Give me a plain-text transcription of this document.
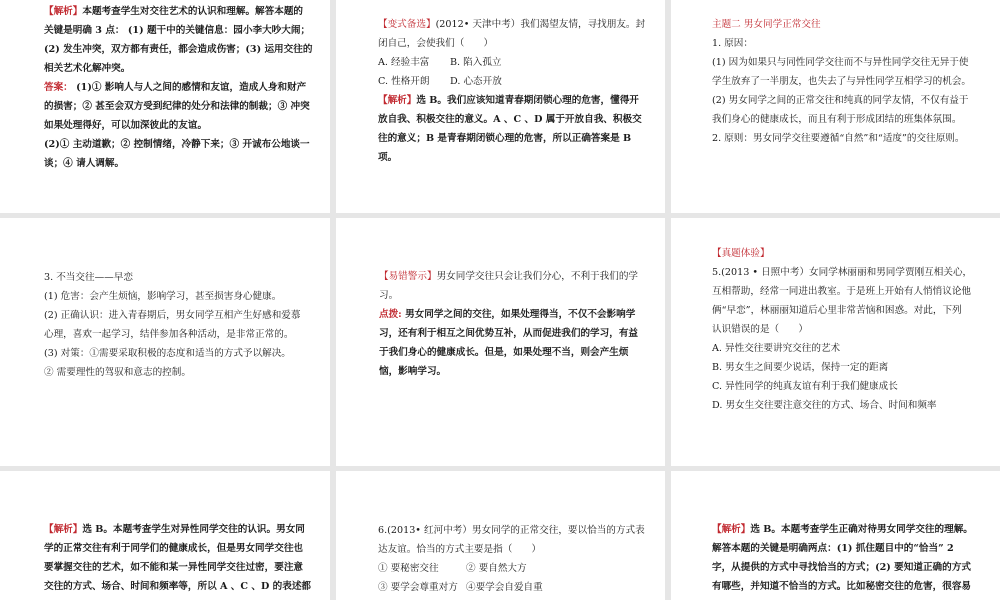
【解析】本题考查学生对交往艺术的认识和理解。解答本题的

关键是明确 3 点： (1) 题干中的关键信息：园小李大吵大闹；

(2) 发生冲突，双方都有责任，都会造成伤害；(3) 运用交往的

相关艺术化解冲突。

答案： (1)① 影响人与人之间的感情和友谊，造成人身和财产

的损害；② 甚至会双方受到纪律的处分和法律的制裁；③ 冲突

如果处理得好，可以加深彼此的友谊。

(2)① 主动道歉；② 控制情绪，冷静下来；③ 开诚布公地谈一

谈；④ 请人调解。

【变式备选】(2012• 天津中考）我们渴望友情，寻找朋友。封

闭自己，会使我们（　　）

A. 经验丰富	B. 陷入孤立

C. 性格开朗	D. 心态开放

【解析】选 B。我们应该知道青春期闭锁心理的危害，懂得开

放自我、积极交往的意义。A 、C 、D 属于开放自我、积极交

往的意义；B 是青春期闭锁心理的危害，所以正确答案是 B 项。

主题二 男女同学正常交往

1. 原因：

(1) 因为如果只与同性同学交往而不与异性同学交往无异于使

学生放弃了一半朋友，也失去了与异性同学互相学习的机会。

(2) 男女同学之间的正常交往和纯真的同学友情，不仅有益于

我们身心的健康成长，而且有利于形成团结的班集体氛围。

2. 原则：男女同学交往要遵循“自然”和“适度”的交往原则。

3. 不当交往——早恋

(1) 危害：会产生烦恼，影响学习，甚至损害身心健康。

(2) 正确认识：进入青春期后，男女同学互相产生好感和爱慕

心理，喜欢一起学习，结伴参加各种活动，是非常正常的。

(3) 对策：①需要采取积极的态度和适当的方式予以解决。

② 需要理性的驾驭和意志的控制。

【易错警示】男女同学交往只会让我们分心，不利于我们的学

习。

点拨: 男女同学之间的交往，如果处理得当，不仅不会影响学

习，还有利于相互之间优势互补，从而促进我们的学习，有益

于我们身心的健康成长。但是，如果处理不当，则会产生烦

恼，影响学习。

【真题体验】

5.(2013 • 日照中考）女同学林丽丽和男同学贾刚互相关心，

互相帮助，经常一同进出教室。于是班上开始有人悄悄议论他

俩“早恋”，林丽丽知道后心里非常苦恼和困惑。对此，下列

认识错误的是（　　）

A. 异性交往要讲究交往的艺术

B. 男女生之间要少说话，保持一定的距离

C. 异性同学的纯真友谊有利于我们健康成长

D. 男女生交往要注意交往的方式、场合、时间和频率

【解析】选 B。本题考查学生对异性同学交往的认识。男女同

学的正常交往有利于同学们的健康成长，但是男女同学交往也

要掌握交往的艺术，如不能和某一异性同学交往过密，要注意

交往的方式、场合、时间和频率等，所以 A 、C 、D 的表述都

6.(2013• 红河中考）男女同学的正常交往，要以恰当的方式表

达友谊。恰当的方式主要是指（　　）

① 要秘密交往	② 要自然大方

③ 要学会尊重对方 ④要学会自爱自重

【解析】选 B。本题考查学生正确对待男女同学交往的理解。

解答本题的关键是明确两点：(1) 抓住题目中的“恰当” 2

字，从提供的方式中寻找恰当的方式；(2) 要知道正确的方式

有哪些，并知道不恰当的方式。比如秘密交往的危害，很容易
